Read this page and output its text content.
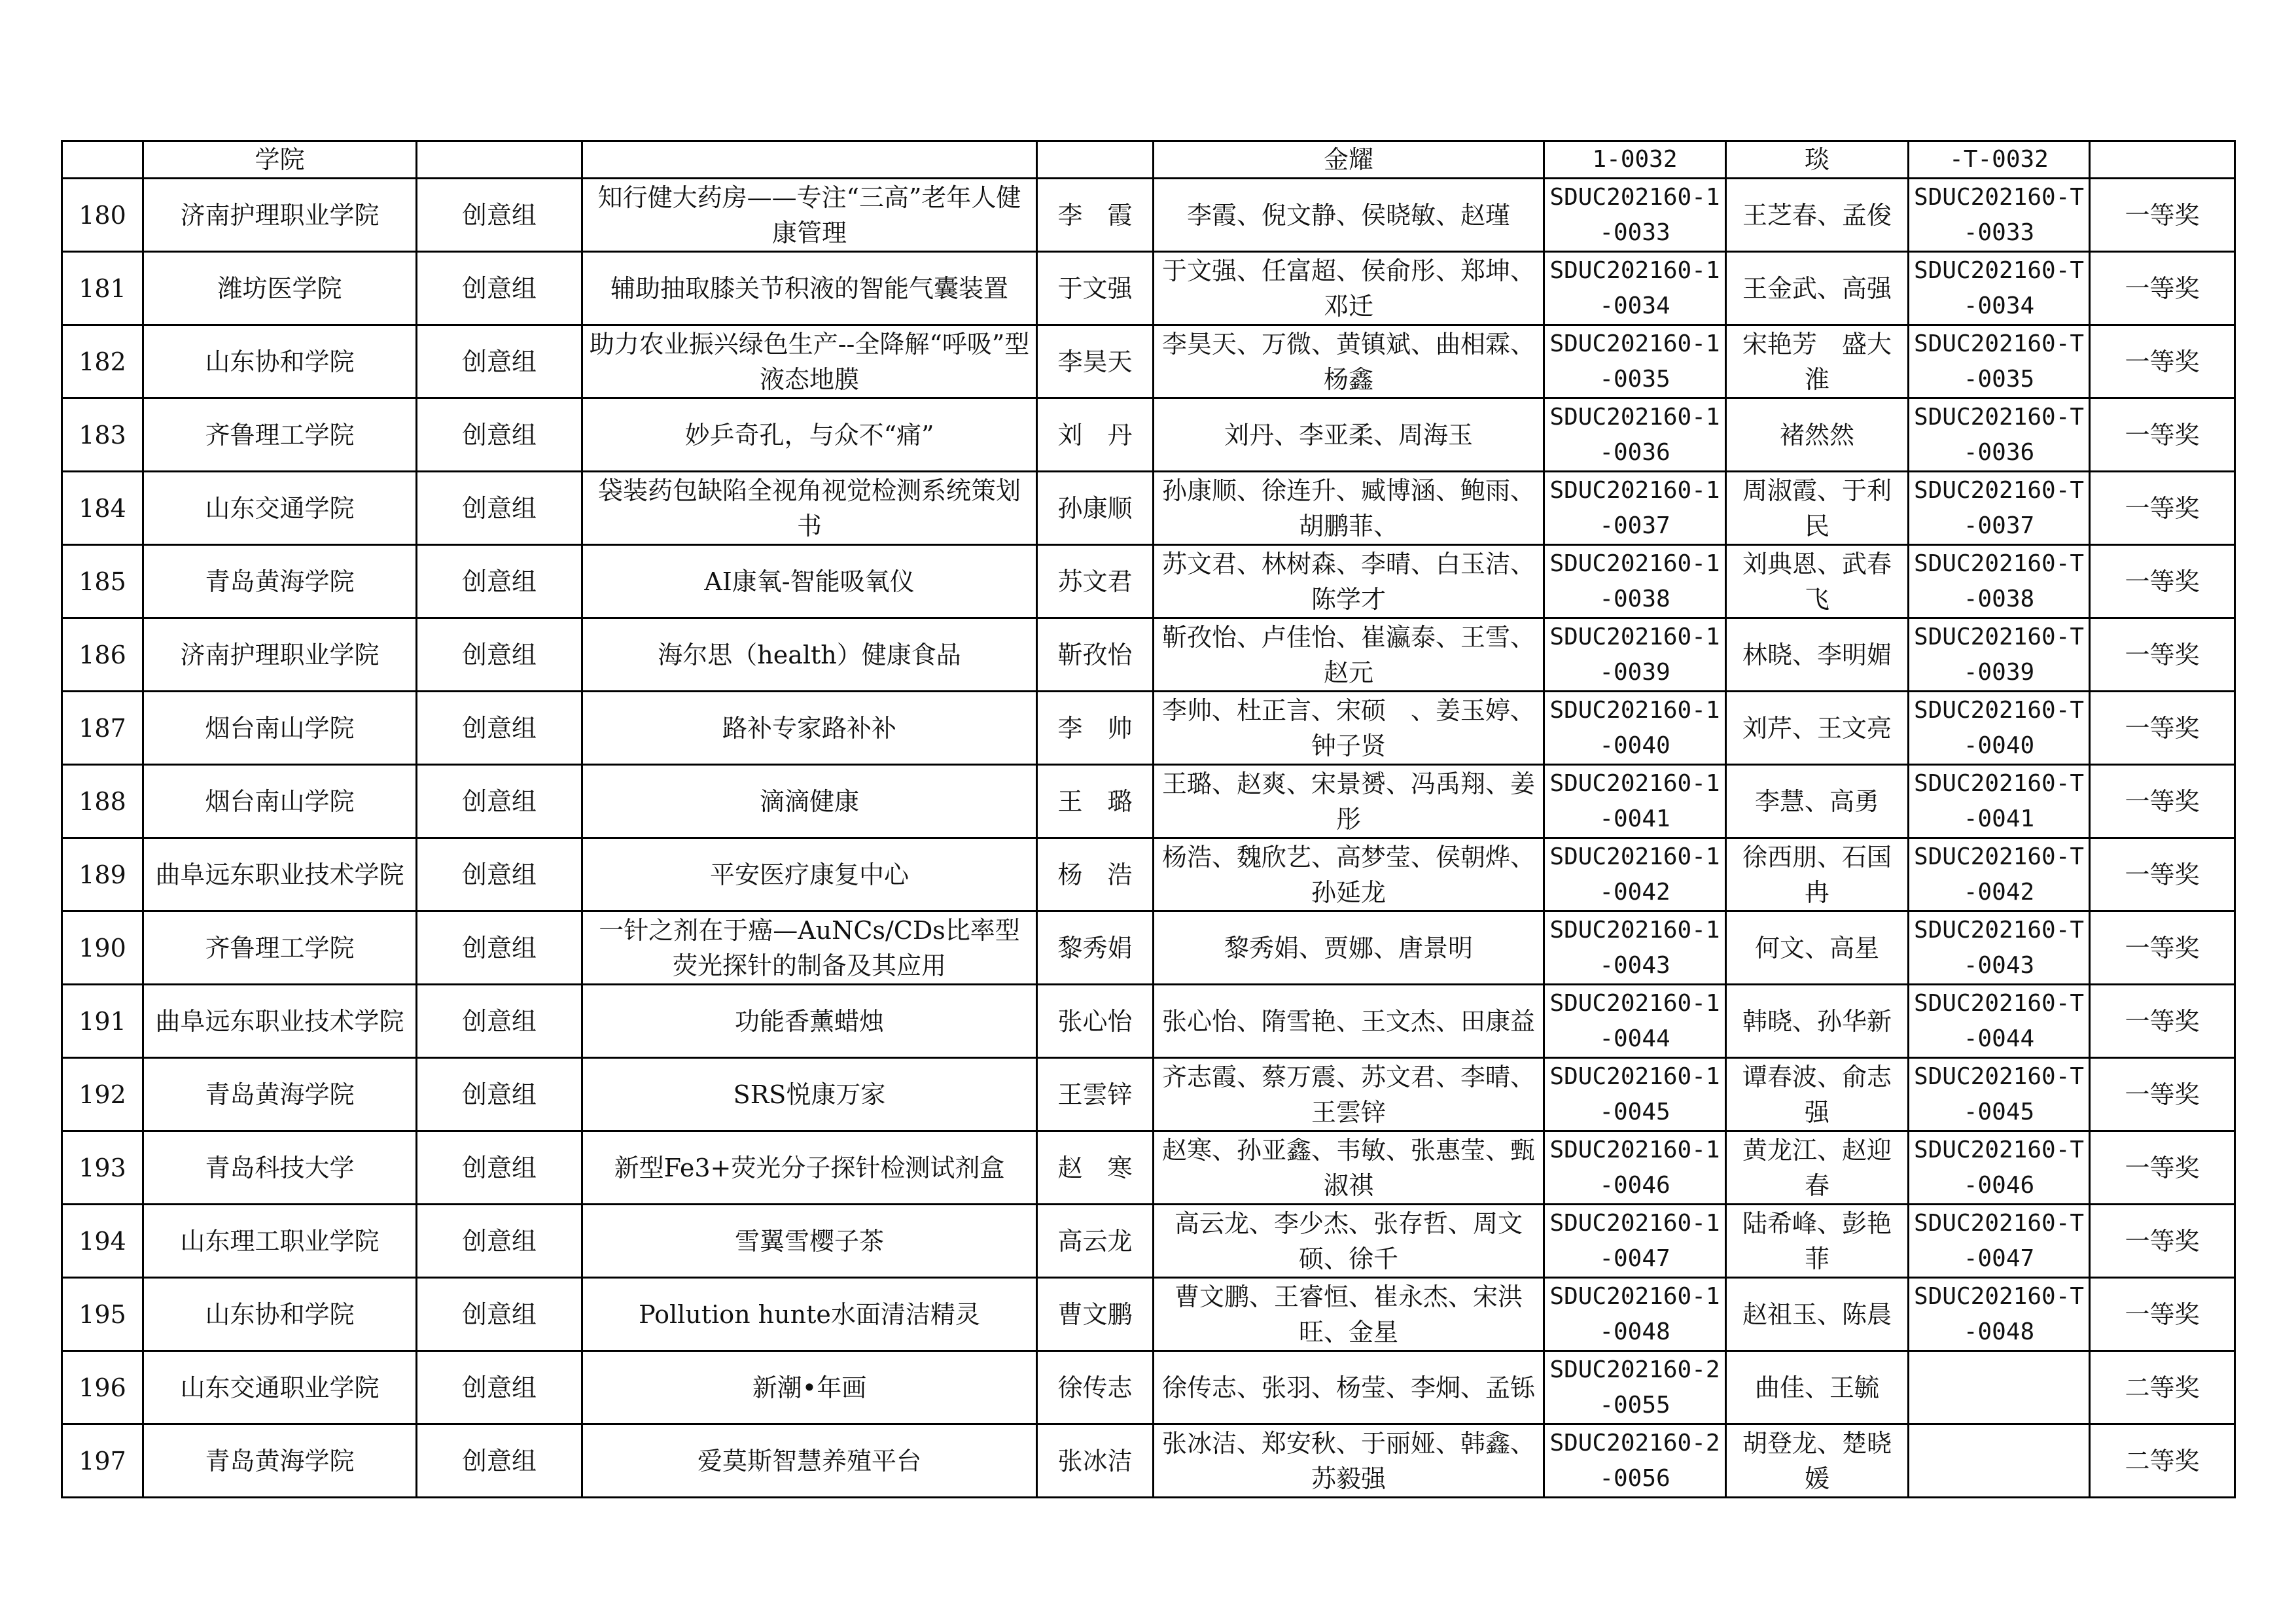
	学院				金耀	1-0032	琰	-T-0032	
180	济南护理职业学院	创意组	知行健大药房——专注“三高”老年人健康管理	李　霞	李霞、倪文静、侯晓敏、赵瑾	SDUC202160-1-0033	王芝春、孟俊	SDUC202160-T-0033	一等奖
181	潍坊医学院	创意组	辅助抽取膝关节积液的智能气囊装置	于文强	于文强、任富超、侯俞彤、郑坤、邓迁	SDUC202160-1-0034	王金武、高强	SDUC202160-T-0034	一等奖
182	山东协和学院	创意组	助力农业振兴绿色生产--全降解“呼吸”型液态地膜	李昊天	李昊天、万微、黄镇斌、曲相霖、杨鑫	SDUC202160-1-0035	宋艳芳　盛大淮	SDUC202160-T-0035	一等奖
183	齐鲁理工学院	创意组	妙乒奇孔，与众不“痛”	刘　丹	刘丹、李亚柔、周海玉	SDUC202160-1-0036	褚然然	SDUC202160-T-0036	一等奖
184	山东交通学院	创意组	袋装药包缺陷全视角视觉检测系统策划书	孙康顺	孙康顺、徐连升、臧博涵、鲍雨、胡鹏菲、	SDUC202160-1-0037	周淑霞、于利民	SDUC202160-T-0037	一等奖
185	青岛黄海学院	创意组	AI康氧-智能吸氧仪	苏文君	苏文君、林树森、李晴、白玉洁、陈学才	SDUC202160-1-0038	刘典恩、武春飞	SDUC202160-T-0038	一等奖
186	济南护理职业学院	创意组	海尔思（health）健康食品	靳孜怡	靳孜怡、卢佳怡、崔瀛泰、王雪、赵元	SDUC202160-1-0039	林晓、李明媚	SDUC202160-T-0039	一等奖
187	烟台南山学院	创意组	路补专家路补补	李　帅	李帅、杜正言、宋硕　、姜玉婷、钟子贤	SDUC202160-1-0040	刘芹、王文亮	SDUC202160-T-0040	一等奖
188	烟台南山学院	创意组	滴滴健康	王　璐	王璐、赵爽、宋景赟、冯禹翔、姜彤	SDUC202160-1-0041	李慧、高勇	SDUC202160-T-0041	一等奖
189	曲阜远东职业技术学院	创意组	平安医疗康复中心	杨　浩	杨浩、魏欣艺、高梦莹、侯朝烨、孙延龙	SDUC202160-1-0042	徐西朋、石国冉	SDUC202160-T-0042	一等奖
190	齐鲁理工学院	创意组	一针之剂在于癌—AuNCs/CDs比率型荧光探针的制备及其应用	黎秀娟	黎秀娟、贾娜、唐景明	SDUC202160-1-0043	何文、高星	SDUC202160-T-0043	一等奖
191	曲阜远东职业技术学院	创意组	功能香薰蜡烛	张心怡	张心怡、隋雪艳、王文杰、田康益	SDUC202160-1-0044	韩晓、孙华新	SDUC202160-T-0044	一等奖
192	青岛黄海学院	创意组	SRS悦康万家	王雲锌	齐志霞、蔡万震、苏文君、李晴、王雲锌	SDUC202160-1-0045	谭春波、俞志强	SDUC202160-T-0045	一等奖
193	青岛科技大学	创意组	新型Fe3+荧光分子探针检测试剂盒	赵　寒	赵寒、孙亚鑫、韦敏、张惠莹、甄淑祺	SDUC202160-1-0046	黄龙江、赵迎春	SDUC202160-T-0046	一等奖
194	山东理工职业学院	创意组	雪翼雪樱子茶	高云龙	高云龙、李少杰、张存哲、周文硕、徐千	SDUC202160-1-0047	陆希峰、彭艳菲	SDUC202160-T-0047	一等奖
195	山东协和学院	创意组	Pollution hunte水面清洁精灵	曹文鹏	曹文鹏、王睿恒、崔永杰、宋洪旺、金星	SDUC202160-1-0048	赵祖玉、陈晨	SDUC202160-T-0048	一等奖
196	山东交通职业学院	创意组	新潮•年画	徐传志	徐传志、张羽、杨莹、李炯、孟铄	SDUC202160-2-0055	曲佳、王毓		二等奖
197	青岛黄海学院	创意组	爱莫斯智慧养殖平台	张冰洁	张冰洁、郑安秋、于丽娅、韩鑫、苏毅强	SDUC202160-2-0056	胡登龙、楚晓媛		二等奖
